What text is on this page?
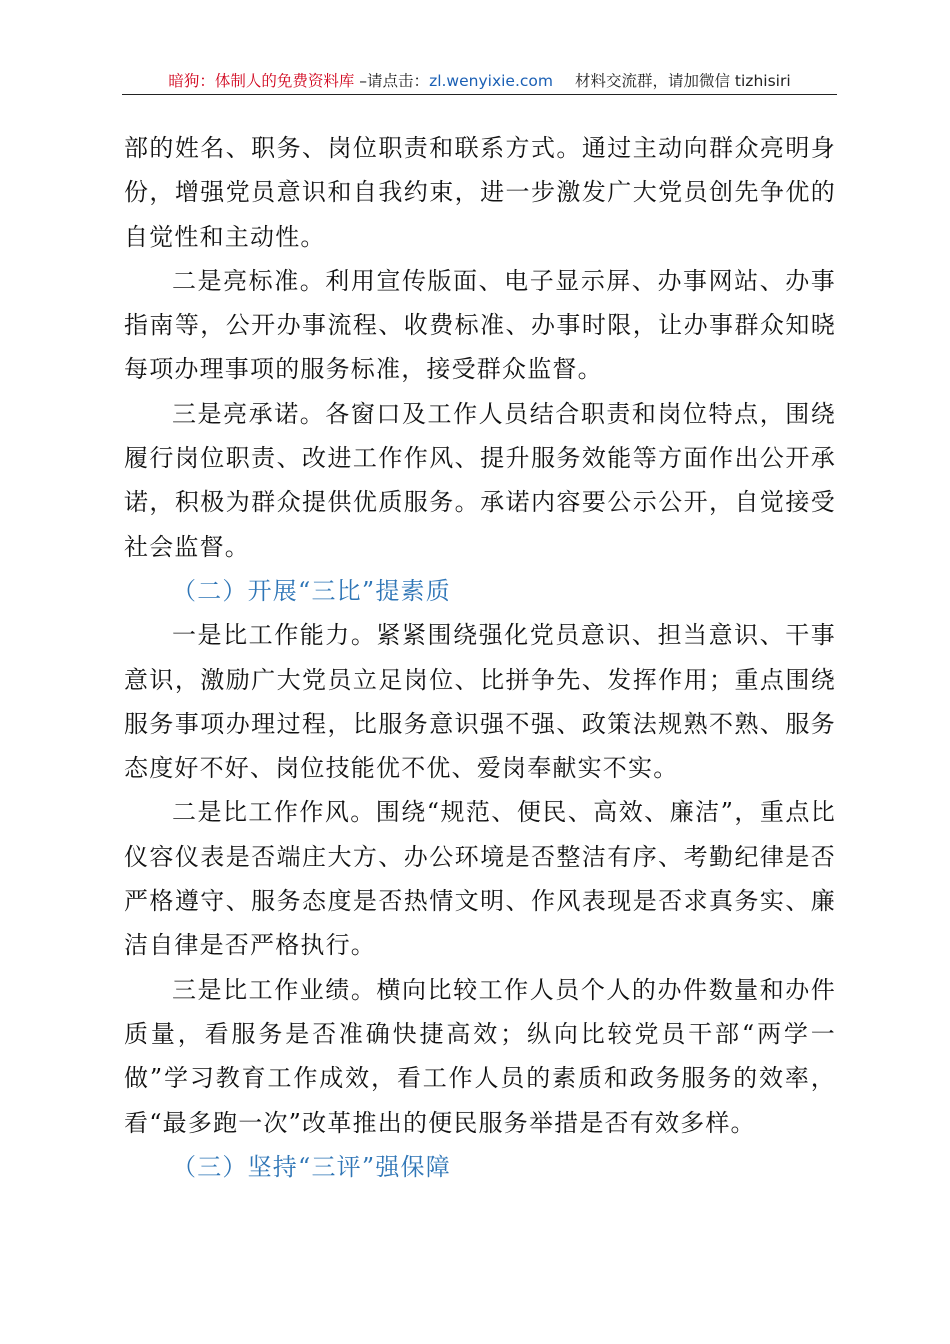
暗狗：体制人的免费资料库 –请点击：zl.wenyixie.com 材料交流群，请加微信 tizhisiri

部的姓名、职务、岗位职责和联系方式。通过主动向群众亮明身份，增强党员意识和自我约束，进一步激发广大党员创先争优的自觉性和主动性。

二是亮标准。利用宣传版面、电子显示屏、办事网站、办事指南等，公开办事流程、收费标准、办事时限，让办事群众知晓每项办理事项的服务标准，接受群众监督。

三是亮承诺。各窗口及工作人员结合职责和岗位特点，围绕履行岗位职责、改进工作作风、提升服务效能等方面作出公开承诺，积极为群众提供优质服务。承诺内容要公示公开，自觉接受社会监督。

（二）开展“三比”提素质

一是比工作能力。紧紧围绕强化党员意识、担当意识、干事意识，激励广大党员立足岗位、比拼争先、发挥作用；重点围绕服务事项办理过程，比服务意识强不强、政策法规熟不熟、服务态度好不好、岗位技能优不优、爱岗奉献实不实。

二是比工作作风。围绕“规范、便民、高效、廉洁”，重点比仪容仪表是否端庄大方、办公环境是否整洁有序、考勤纪律是否严格遵守、服务态度是否热情文明、作风表现是否求真务实、廉洁自律是否严格执行。

三是比工作业绩。横向比较工作人员个人的办件数量和办件质量，看服务是否准确快捷高效；纵向比较党员干部“两学一做”学习教育工作成效，看工作人员的素质和政务服务的效率，看“最多跑一次”改革推出的便民服务举措是否有效多样。

（三）坚持“三评”强保障
